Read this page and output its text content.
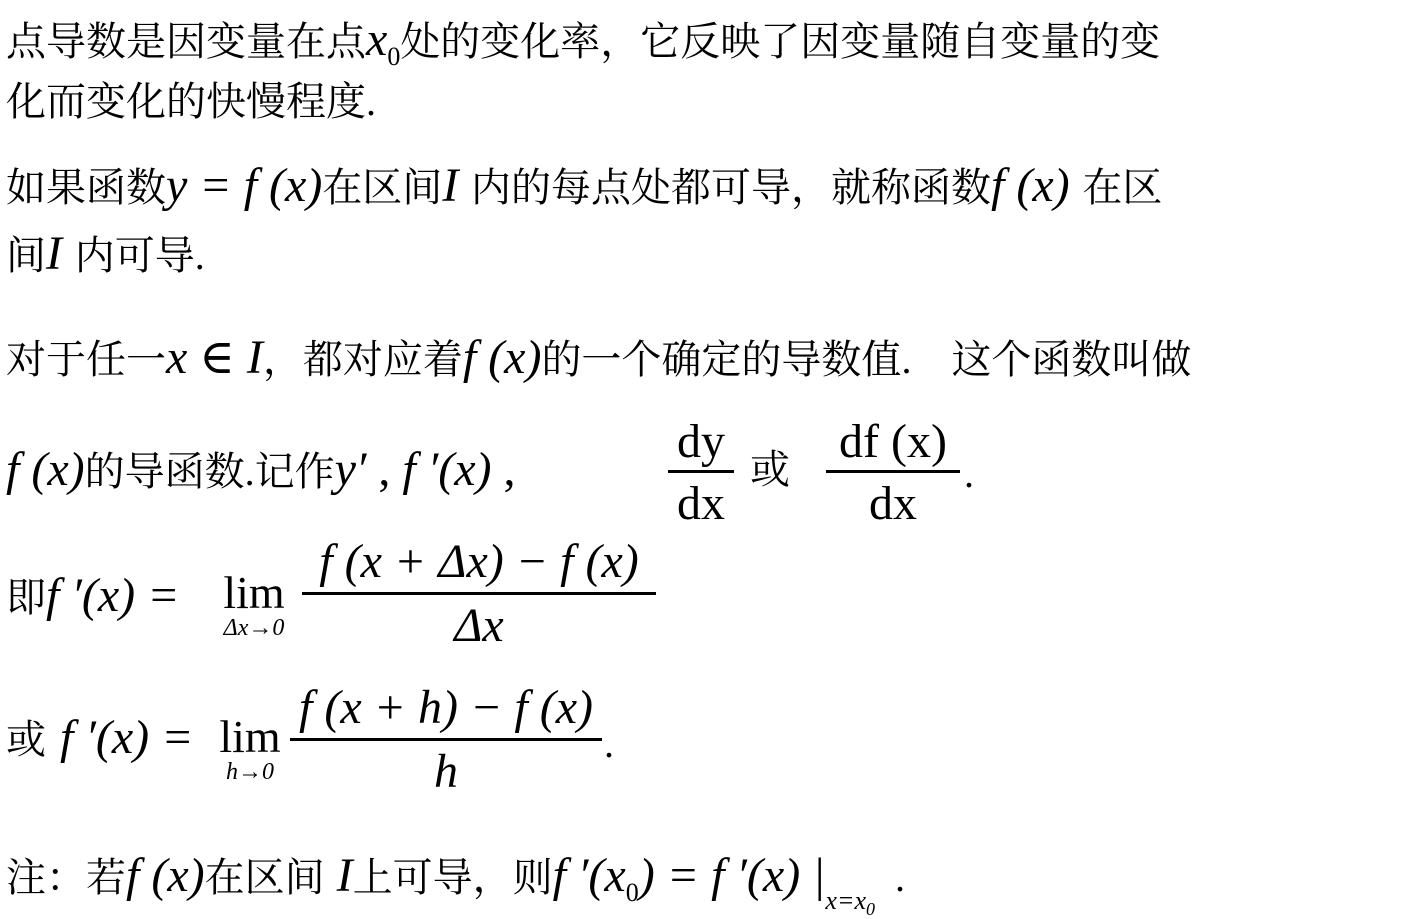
点导数是因变量在点$x_0$处的变化率，它反映了因变量随自变量的变
化而变化的快慢程度.
如果函数y = f (x)在区间I 内的每点处都可导，就称函数f (x) 在区
间I 内可导.
对于任一x ∈ I，都对应着f (x)的一个确定的导数值. 这个函数叫做
f (x)的导函数.记作y′ , f ′(x) ,
dy
dx
或
df (x)
dx
.
即f ′(x) = lim
Δx→0
f (x + Δx) − f (x)
Δx
或 f ′(x) = lim
h→0
f (x + h) − f (x)
h
.
注：若f (x)在区间 I上可导，则f $'(x_0) = f$ ′(x) $|_{x=x_0}$.
